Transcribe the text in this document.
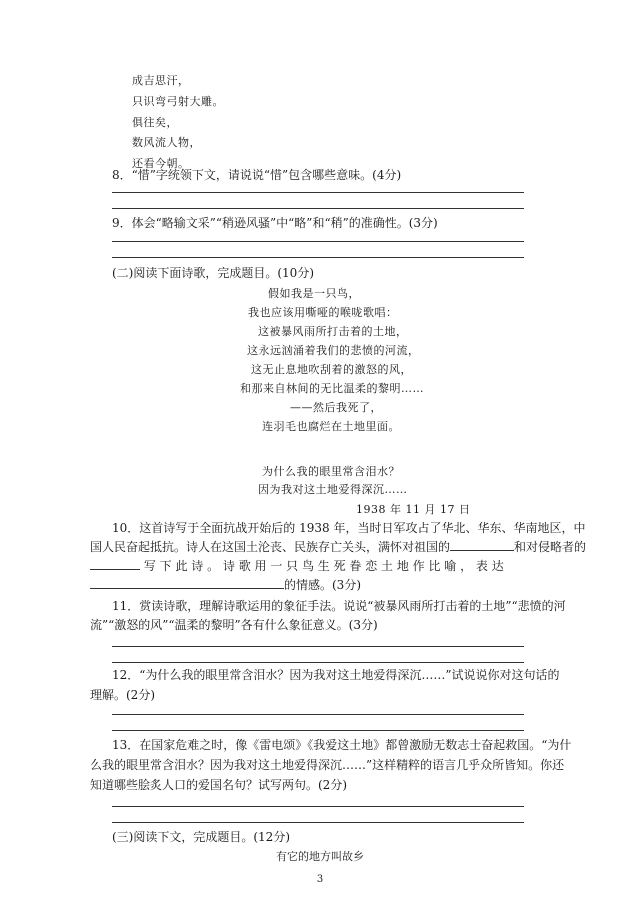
成吉思汗，
只识弯弓射大雕。
俱往矣，
数风流人物，
还看今朝。
8．“惜”字统领下文，请说说“惜”包含哪些意味。(4分)
9．体会“略输文采”“稍逊风骚”中“略”和“稍”的准确性。(3分)
(二)阅读下面诗歌，完成题目。(10分)
假如我是一只鸟，
我也应该用嘶哑的喉咙歌唱：
这被暴风雨所打击着的土地，
这永远汹涌着我们的悲愤的河流，
这无止息地吹刮着的激怒的风，
和那来自林间的无比温柔的黎明……
——然后我死了，
连羽毛也腐烂在土地里面。
为什么我的眼里常含泪水？
因为我对这土地爱得深沉……
1938 年 11 月 17 日
10．这首诗写于全面抗战开始后的 1938 年，当时日军攻占了华北、华东、华南地区，中
国人民奋起抵抗。诗人在这国土沦丧、民族存亡关头，满怀对祖国的	和对侵略者的
写 下 此 诗 。 诗 歌 用 一 只 鸟 生 死 眷 恋 土 地 作 比 喻 ， 表 达
的情感。(3分)
11．赏读诗歌，理解诗歌运用的象征手法。说说“被暴风雨所打击着的土地”“悲愤的河
流”“激怒的风”“温柔的黎明”各有什么象征意义。(3分)
12．“为什么我的眼里常含泪水？因为我对这土地爱得深沉……”试说说你对这句话的
理解。(2分)
13．在国家危难之时，像《雷电颂》《我爱这土地》都曾激励无数志士奋起救国。“为什
么我的眼里常含泪水？因为我对这土地爱得深沉……”这样精粹的语言几乎众所皆知。你还
知道哪些脍炙人口的爱国名句？试写两句。(2分)
(三)阅读下文，完成题目。(12分)
有它的地方叫故乡
3
